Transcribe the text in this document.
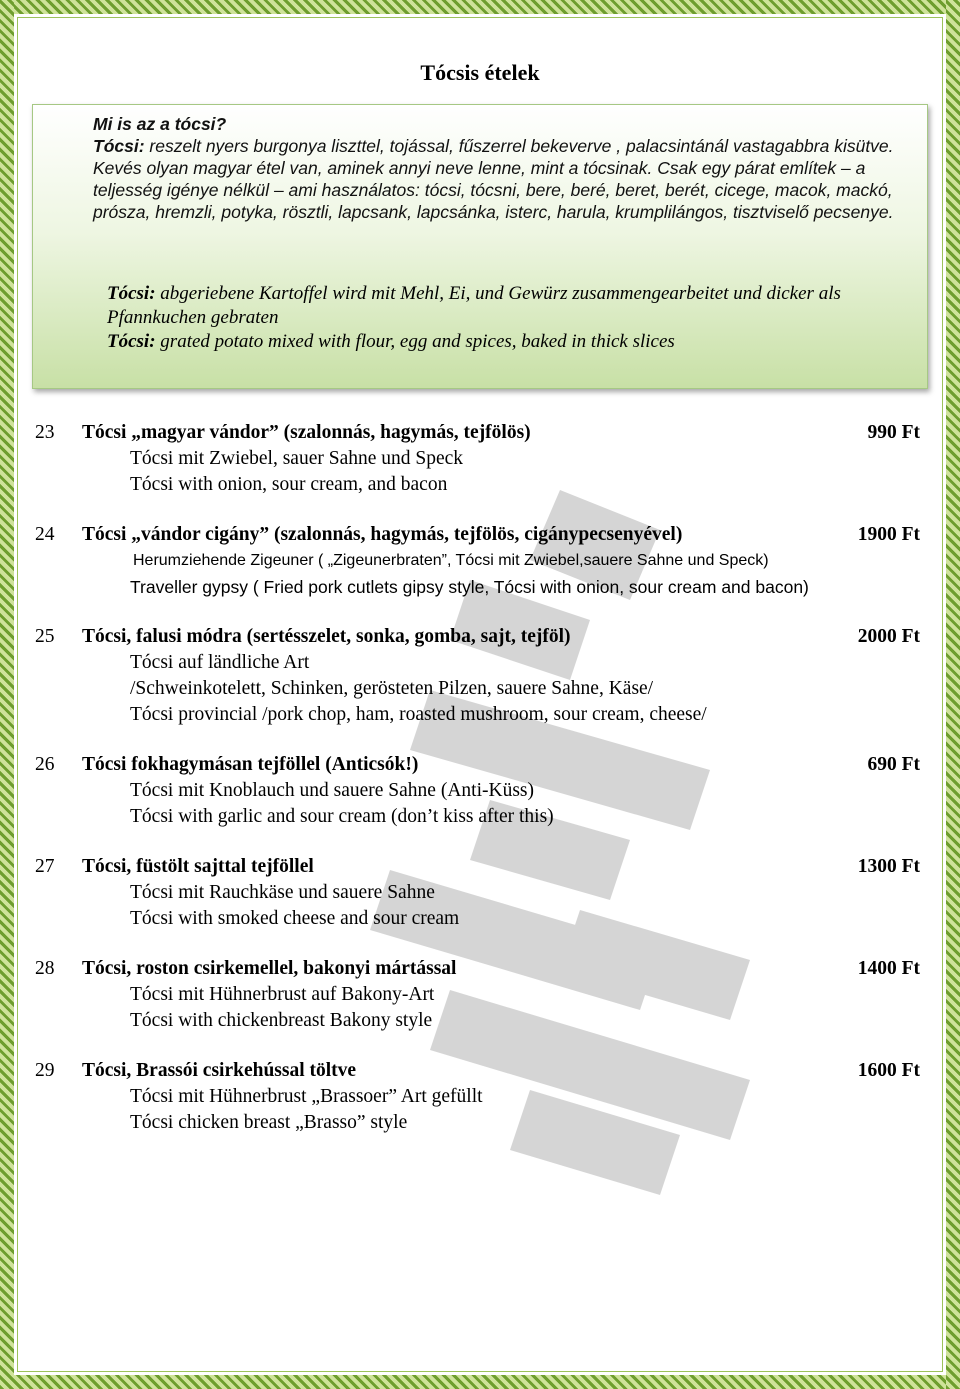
Tócsis ételek

Mi is az a tócsi?

Tócsi: reszelt nyers burgonya liszttel, tojással, fűszerrel bekeverve , palacsintánál vastagabbra kisütve.

Kevés olyan magyar étel van, aminek annyi neve lenne, mint a tócsinak. Csak egy párat említek – a teljesség igénye nélkül – ami használatos: tócsi, tócsni, bere, beré, beret, berét, cicege, macok, mackó, prósza, hremzli, potyka, rösztli, lapcsank, lapcsánka, isterc, harula, krumplilángos, tisztviselő pecsenye.

Tócsi: abgeriebene Kartoffel wird mit Mehl, Ei, und Gewürz zusammengearbeitet und dicker als Pfannkuchen gebraten
Tócsi: grated potato mixed with flour, egg and spices, baked in thick slices
23	Tócsi „magyar vándor” (szalonnás, hagymás, tejfölös)	990 Ft
Tócsi mit Zwiebel, sauer Sahne und Speck
Tócsi with onion, sour cream, and bacon
24	Tócsi „vándor cigány” (szalonnás, hagymás, tejfölös, cigánypecsenyével)	1900 Ft
Herumziehende Zigeuner ( „Zigeunerbraten”, Tócsi mit Zwiebel,sauere Sahne und Speck)
Traveller gypsy ( Fried pork cutlets gipsy style, Tócsi with onion, sour cream and bacon)
25	Tócsi, falusi módra (sertésszelet, sonka, gomba, sajt, tejföl)	2000 Ft
Tócsi auf ländliche Art
/Schweinkotelett, Schinken, gerösteten Pilzen, sauere Sahne, Käse/
Tócsi provincial /pork chop, ham, roasted mushroom, sour cream, cheese/
26	Tócsi fokhagymásan tejföllel (Anticsók!)	690 Ft
Tócsi mit Knoblauch und sauere Sahne (Anti-Küss)
Tócsi with garlic and sour cream (don’t kiss after this)
27	Tócsi, füstölt sajttal tejföllel	1300 Ft
Tócsi mit Rauchkäse und sauere Sahne
Tócsi with smoked cheese and sour cream
28	Tócsi, roston csirkemellel, bakonyi mártással	1400 Ft
Tócsi mit Hühnerbrust auf Bakony-Art
Tócsi with chickenbreast Bakony style
29	Tócsi, Brassói csirkehússal töltve	1600 Ft
Tócsi mit Hühnerbrust „Brassoer” Art gefüllt
Tócsi chicken breast „Brasso” style
